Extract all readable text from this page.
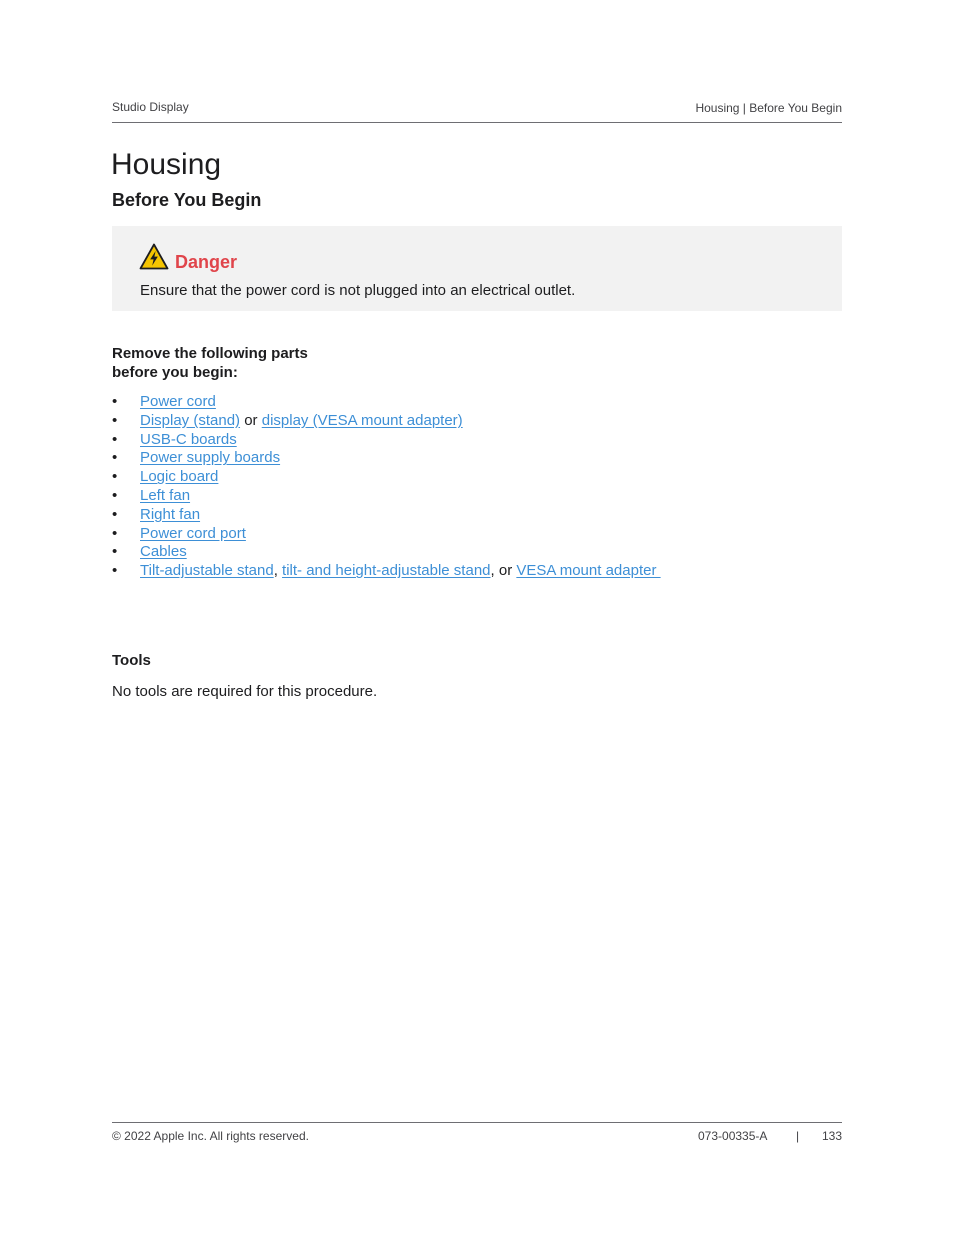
Studio Display	Housing | Before You Begin
Housing
Before You Begin
Danger
Ensure that the power cord is not plugged into an electrical outlet.
Remove the following parts
before you begin:
• Power cord
• Display (stand) or display (VESA mount adapter)
• USB-C boards
• Power supply boards
• Logic board
• Left fan
• Right fan
• Power cord port
• Cables
• Tilt-adjustable stand, tilt- and height-adjustable stand, or VESA mount adapter
Tools
No tools are required for this procedure.
© 2022 Apple Inc. All rights reserved.	073-00335-A | 133
